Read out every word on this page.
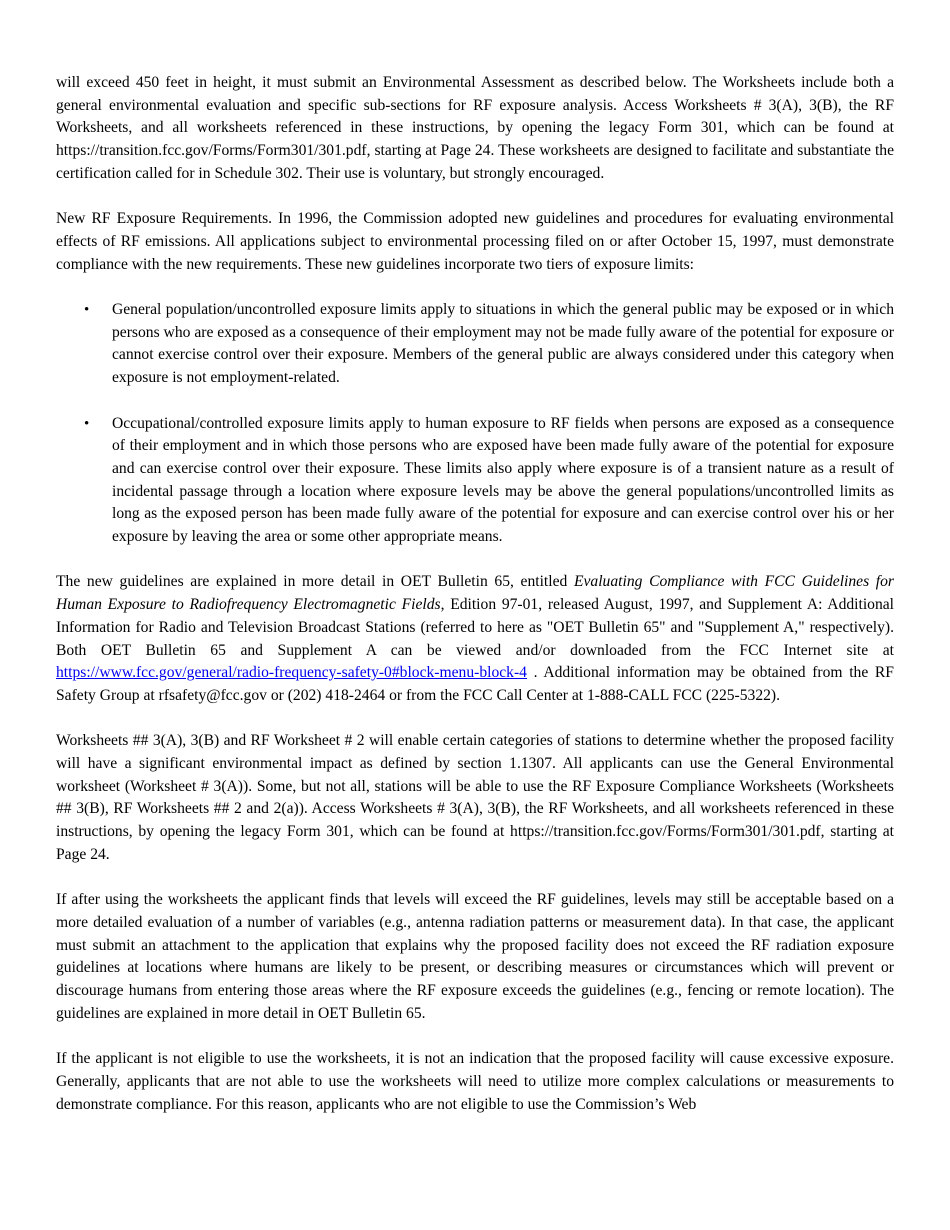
will exceed 450 feet in height, it must submit an Environmental Assessment as described below. The Worksheets include both a general environmental evaluation and specific sub-sections for RF exposure analysis. Access Worksheets # 3(A), 3(B), the RF Worksheets, and all worksheets referenced in these instructions, by opening the legacy Form 301, which can be found at https://transition.fcc.gov/Forms/Form301/301.pdf, starting at Page 24. These worksheets are designed to facilitate and substantiate the certification called for in Schedule 302. Their use is voluntary, but strongly encouraged.

New RF Exposure Requirements. In 1996, the Commission adopted new guidelines and procedures for evaluating environmental effects of RF emissions. All applications subject to environmental processing filed on or after October 15, 1997, must demonstrate compliance with the new requirements. These new guidelines incorporate two tiers of exposure limits:

• General population/uncontrolled exposure limits apply to situations in which the general public may be exposed or in which persons who are exposed as a consequence of their employment may not be made fully aware of the potential for exposure or cannot exercise control over their exposure. Members of the general public are always considered under this category when exposure is not employment-related.
• Occupational/controlled exposure limits apply to human exposure to RF fields when persons are exposed as a consequence of their employment and in which those persons who are exposed have been made fully aware of the potential for exposure and can exercise control over their exposure. These limits also apply where exposure is of a transient nature as a result of incidental passage through a location where exposure levels may be above the general populations/uncontrolled limits as long as the exposed person has been made fully aware of the potential for exposure and can exercise control over his or her exposure by leaving the area or some other appropriate means.

The new guidelines are explained in more detail in OET Bulletin 65, entitled Evaluating Compliance with FCC Guidelines for Human Exposure to Radiofrequency Electromagnetic Fields, Edition 97-01, released August, 1997, and Supplement A: Additional Information for Radio and Television Broadcast Stations (referred to here as "OET Bulletin 65" and "Supplement A," respectively). Both OET Bulletin 65 and Supplement A can be viewed and/or downloaded from the FCC Internet site at https://www.fcc.gov/general/radio-frequency-safety-0#block-menu-block-4 . Additional information may be obtained from the RF Safety Group at rfsafety@fcc.gov or (202) 418-2464 or from the FCC Call Center at 1-888-CALL FCC (225-5322).

Worksheets ## 3(A), 3(B) and RF Worksheet # 2 will enable certain categories of stations to determine whether the proposed facility will have a significant environmental impact as defined by section 1.1307. All applicants can use the General Environmental worksheet (Worksheet # 3(A)). Some, but not all, stations will be able to use the RF Exposure Compliance Worksheets (Worksheets ## 3(B), RF Worksheets ## 2 and 2(a)). Access Worksheets # 3(A), 3(B), the RF Worksheets, and all worksheets referenced in these instructions, by opening the legacy Form 301, which can be found at https://transition.fcc.gov/Forms/Form301/301.pdf, starting at Page 24.

If after using the worksheets the applicant finds that levels will exceed the RF guidelines, levels may still be acceptable based on a more detailed evaluation of a number of variables (e.g., antenna radiation patterns or measurement data). In that case, the applicant must submit an attachment to the application that explains why the proposed facility does not exceed the RF radiation exposure guidelines at locations where humans are likely to be present, or describing measures or circumstances which will prevent or discourage humans from entering those areas where the RF exposure exceeds the guidelines (e.g., fencing or remote location). The guidelines are explained in more detail in OET Bulletin 65.

If the applicant is not eligible to use the worksheets, it is not an indication that the proposed facility will cause excessive exposure. Generally, applicants that are not able to use the worksheets will need to utilize more complex calculations or measurements to demonstrate compliance. For this reason, applicants who are not eligible to use the Commission’s Web
